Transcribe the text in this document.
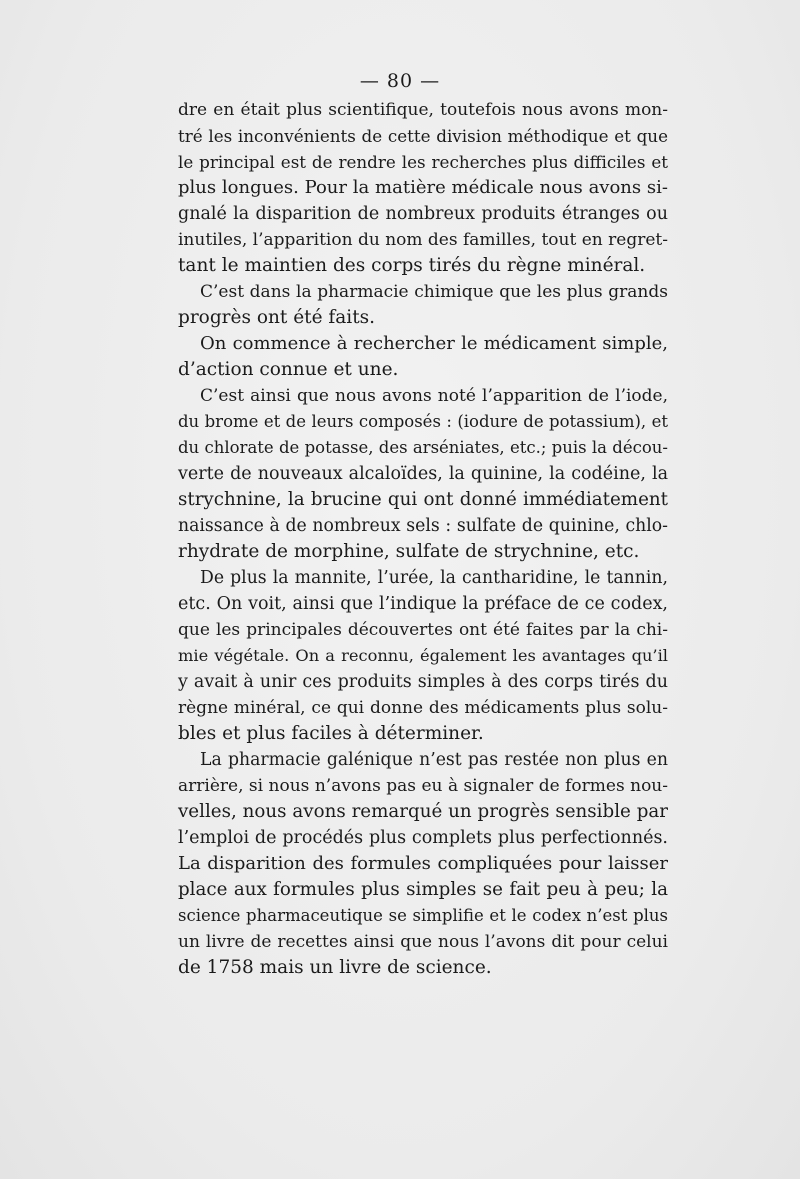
— 80 —
dre en était plus scientifique, toutefois nous avons mon-
tré les inconvénients de cette division méthodique et que
le principal est de rendre les recherches plus difficiles et
plus longues. Pour la matière médicale nous avons si-
gnalé la disparition de nombreux produits étranges ou
inutiles, l’apparition du nom des familles, tout en regret-
tant le maintien des corps tirés du règne minéral.
C’est dans la pharmacie chimique que les plus grands
progrès ont été faits.
On commence à rechercher le médicament simple,
d’action connue et une.
C’est ainsi que nous avons noté l’apparition de l’iode,
du brome et de leurs composés : (iodure de potassium), et
du chlorate de potasse, des arséniates, etc.; puis la décou-
verte de nouveaux alcaloïdes, la quinine, la codéine, la
strychnine, la brucine qui ont donné immédiatement
naissance à de nombreux sels : sulfate de quinine, chlo-
rhydrate de morphine, sulfate de strychnine, etc.
De plus la mannite, l’urée, la cantharidine, le tannin,
etc. On voit, ainsi que l’indique la préface de ce codex,
que les principales découvertes ont été faites par la chi-
mie végétale. On a reconnu, également les avantages qu’il
y avait à unir ces produits simples à des corps tirés du
règne minéral, ce qui donne des médicaments plus solu-
bles et plus faciles à déterminer.
La pharmacie galénique n’est pas restée non plus en
arrière, si nous n’avons pas eu à signaler de formes nou-
velles, nous avons remarqué un progrès sensible par
l’emploi de procédés plus complets plus perfectionnés.
La disparition des formules compliquées pour laisser
place aux formules plus simples se fait peu à peu; la
science pharmaceutique se simplifie et le codex n’est plus
un livre de recettes ainsi que nous l’avons dit pour celui
de 1758 mais un livre de science.
